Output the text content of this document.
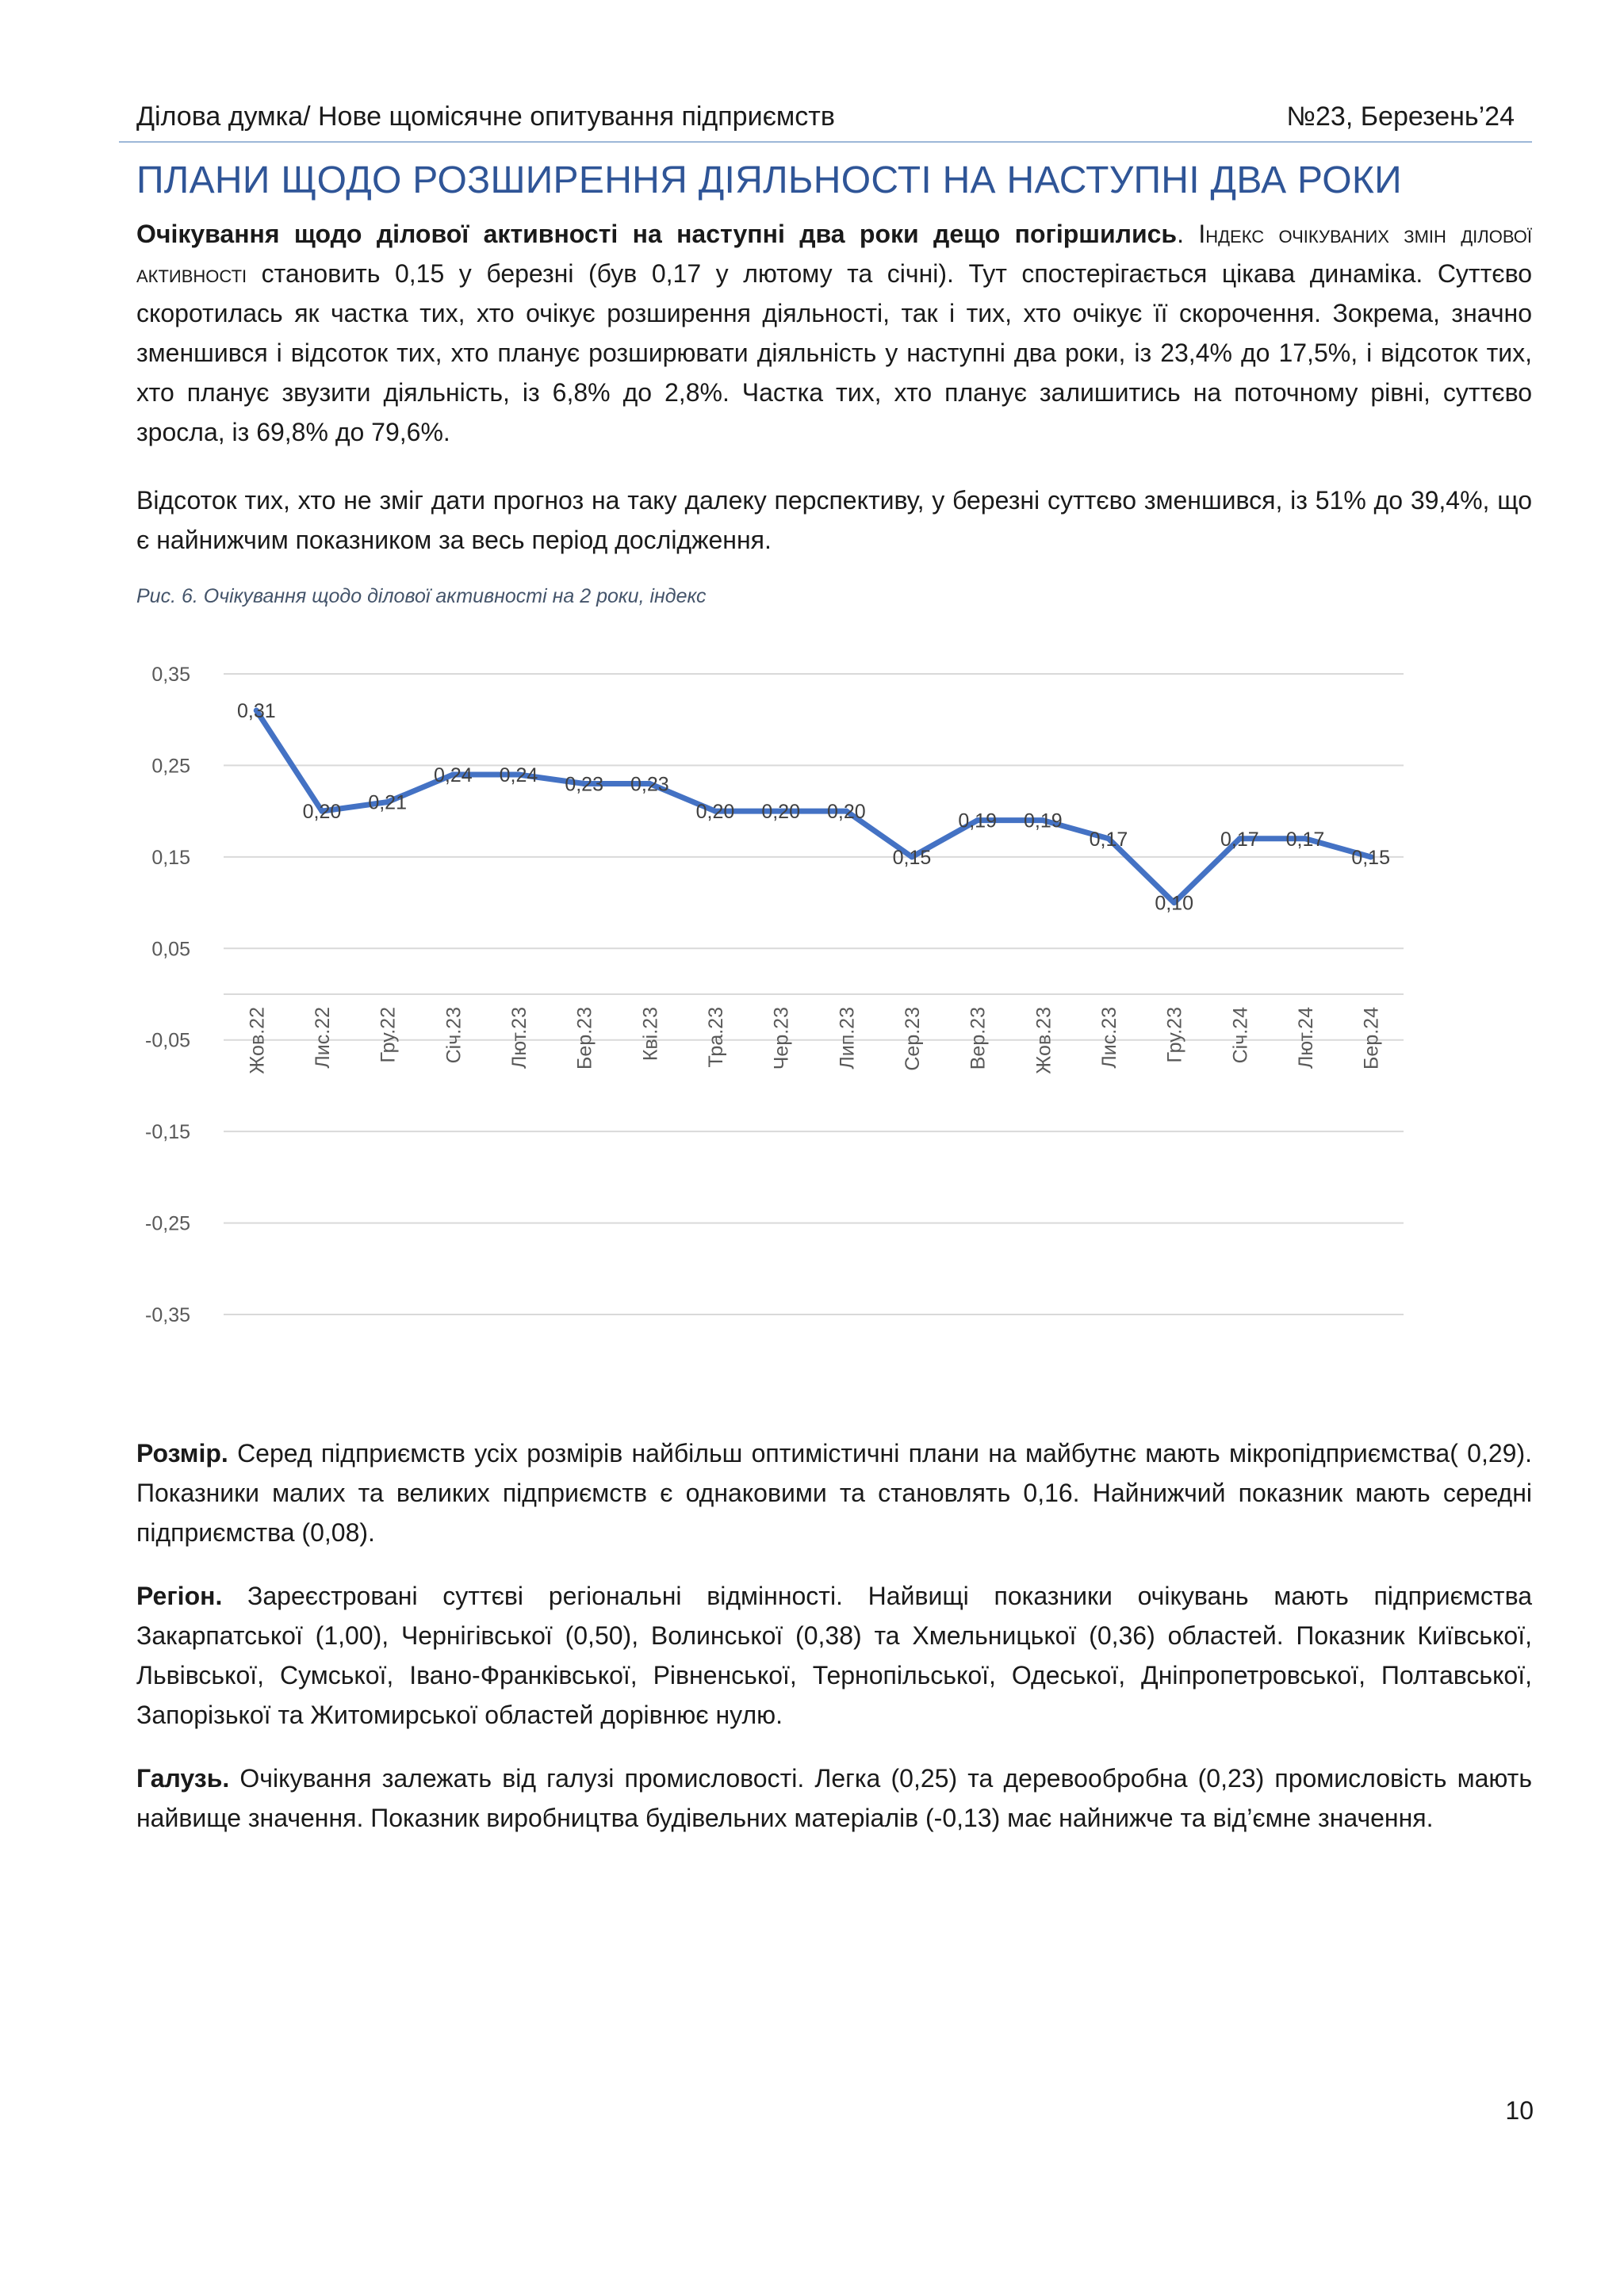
Ділова думка/ Нове щомісячне опитування підприємств	№23, Березень’24
ПЛАНИ ЩОДО РОЗШИРЕННЯ ДІЯЛЬНОСТІ НА НАСТУПНІ ДВА РОКИ

Очікування щодо ділової активності на наступні два роки дещо погіршились. Індекс очікуваних змін ділової активності становить 0,15 у березні (був 0,17 у лютому та січні). Тут спостерігається цікава динаміка. Суттєво скоротилась як частка тих, хто очікує розширення діяльності, так і тих, хто очікує її скорочення. Зокрема, значно зменшився і відсоток тих, хто планує розширювати діяльність у наступні два роки, із 23,4% до 17,5%, і відсоток тих, хто планує звузити діяльність, із 6,8% до 2,8%. Частка тих, хто планує залишитись на поточному рівні, суттєво зросла, із 69,8% до 79,6%.

Відсоток тих, хто не зміг дати прогноз на таку далеку перспективу, у березні суттєво зменшився, із 51% до 39,4%, що є найнижчим показником за весь період дослідження.

Рис. 6. Очікування щодо ділової активності на 2 роки, індекс
0,35
0,25
0,15
0,05
-0,05
-0,15
-0,25
-0,35
Жов.22 Лис.22 Гру.22 Січ.23 Лют.23 Бер.23 Кві.23 Тра.23 Чер.23 Лип.23 Сер.23 Вер.23 Жов.23 Лис.23 Гру.23 Січ.24 Лют.24 Бер.24
0,31
0,20 0,21
0,24 0,24 0,23 0,23
0,20 0,20 0,20
0,15
0,19 0,19
0,17
0,10
0,17 0,17
0,15

Розмір. Серед підприємств усіх розмірів найбільш оптимістичні плани на майбутнє мають мікропідприємства( 0,29). Показники малих та великих підприємств є однаковими та становлять 0,16. Найнижчий показник мають середні підприємства (0,08).

Регіон. Зареєстровані суттєві регіональні відмінності. Найвищі показники очікувань мають підприємства Закарпатської (1,00), Чернігівської (0,50), Волинської (0,38) та Хмельницької (0,36) областей. Показник Київської, Львівської, Сумської, Івано-Франківської, Рівненської, Тернопільської, Одеської, Дніпропетровської, Полтавської, Запорізької та Житомирської областей дорівнює нулю.

Галузь. Очікування залежать від галузі промисловості. Легка (0,25) та деревообробна (0,23) промисловість мають найвище значення. Показник виробництва будівельних матеріалів (-0,13) має найнижче та від’ємне значення.

10
